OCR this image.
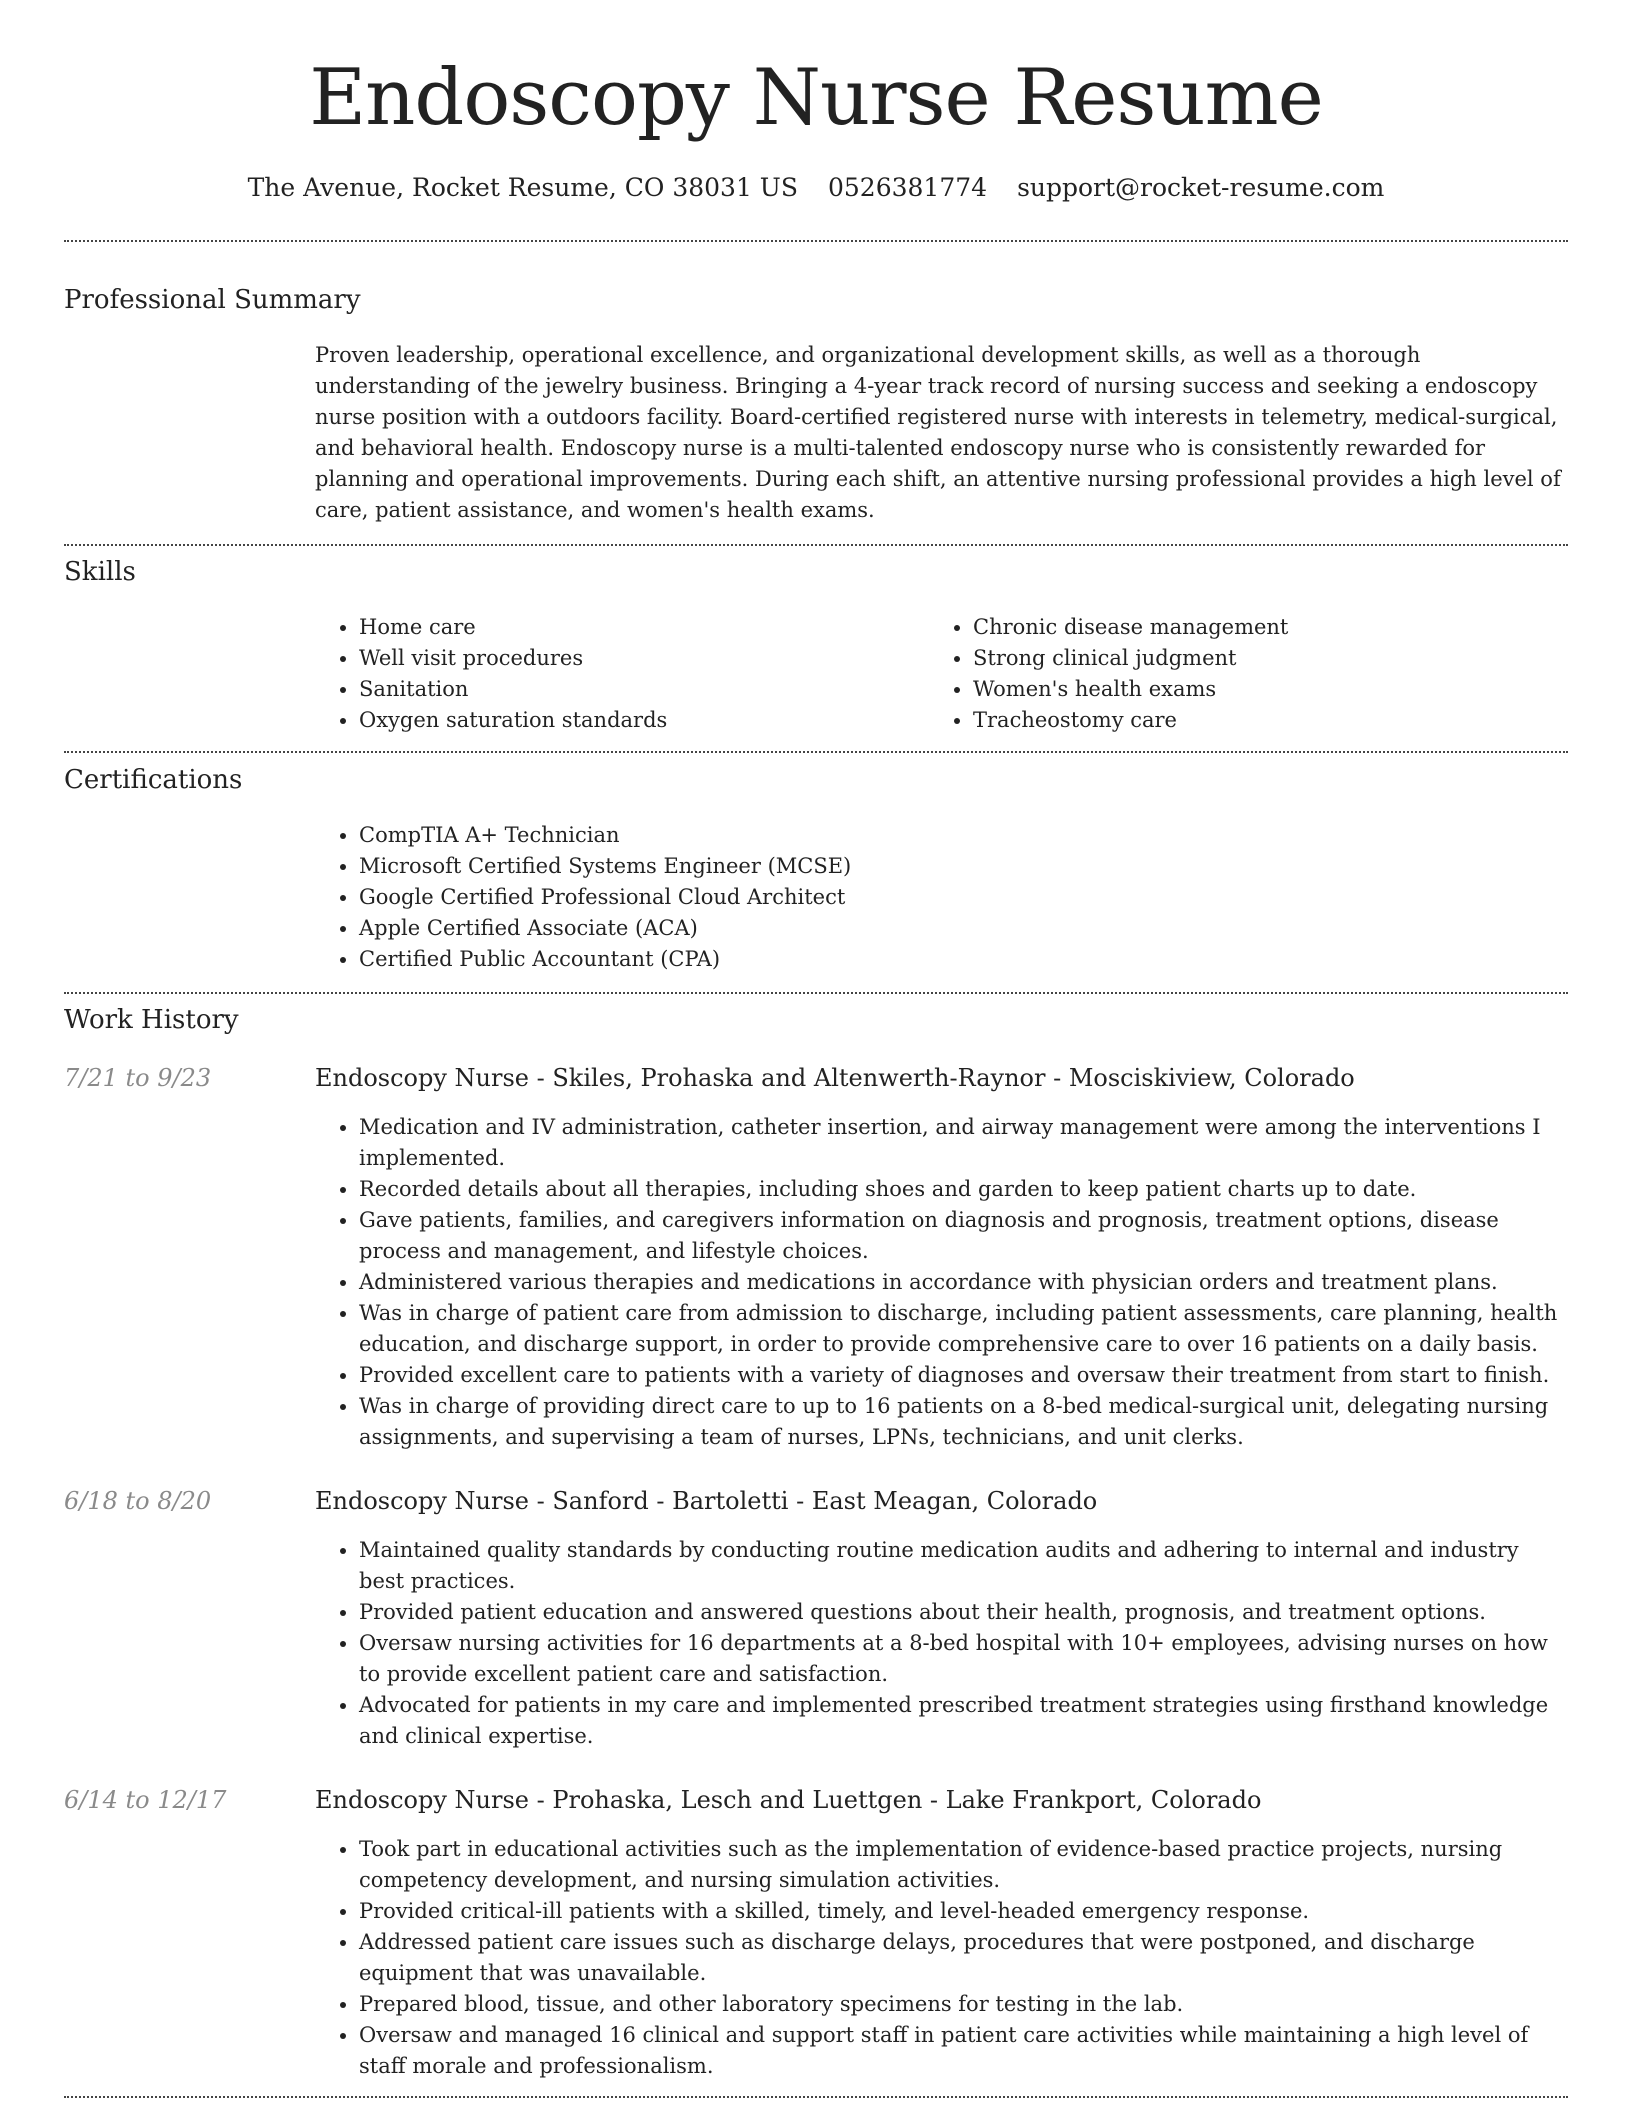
Endoscopy Nurse Resume
The Avenue, Rocket Resume, CO 38031 US 0526381774 support@rocket-resume.com
Professional Summary

Proven leadership, operational excellence, and organizational development skills, as well as a thorough understanding of the jewelry business. Bringing a 4-year track record of nursing success and seeking a endoscopy nurse position with a outdoors facility. Board-certified registered nurse with interests in telemetry, medical-surgical, and behavioral health. Endoscopy nurse is a multi-talented endoscopy nurse who is consistently rewarded for planning and operational improvements. During each shift, an attentive nursing professional provides a high level of care, patient assistance, and women's health exams.

Skills
• Home care
• Well visit procedures
• Sanitation
• Oxygen saturation standards
• Chronic disease management
• Strong clinical judgment
• Women's health exams
• Tracheostomy care
Certifications
• CompTIA A+ Technician
• Microsoft Certified Systems Engineer (MCSE)
• Google Certified Professional Cloud Architect
• Apple Certified Associate (ACA)
• Certified Public Accountant (CPA)
Work History
7/21 to 9/23	Endoscopy Nurse - Skiles, Prohaska and Altenwerth-Raynor - Mosciskiview, Colorado
• Medication and IV administration, catheter insertion, and airway management were among the interventions I implemented.
• Recorded details about all therapies, including shoes and garden to keep patient charts up to date.
• Gave patients, families, and caregivers information on diagnosis and prognosis, treatment options, disease process and management, and lifestyle choices.
• Administered various therapies and medications in accordance with physician orders and treatment plans.
• Was in charge of patient care from admission to discharge, including patient assessments, care planning, health education, and discharge support, in order to provide comprehensive care to over 16 patients on a daily basis.
• Provided excellent care to patients with a variety of diagnoses and oversaw their treatment from start to finish.
• Was in charge of providing direct care to up to 16 patients on a 8-bed medical-surgical unit, delegating nursing assignments, and supervising a team of nurses, LPNs, technicians, and unit clerks.
6/18 to 8/20	Endoscopy Nurse - Sanford - Bartoletti - East Meagan, Colorado
• Maintained quality standards by conducting routine medication audits and adhering to internal and industry best practices.
• Provided patient education and answered questions about their health, prognosis, and treatment options.
• Oversaw nursing activities for 16 departments at a 8-bed hospital with 10+ employees, advising nurses on how to provide excellent patient care and satisfaction.
• Advocated for patients in my care and implemented prescribed treatment strategies using firsthand knowledge and clinical expertise.
6/14 to 12/17	Endoscopy Nurse - Prohaska, Lesch and Luettgen - Lake Frankport, Colorado
• Took part in educational activities such as the implementation of evidence-based practice projects, nursing competency development, and nursing simulation activities.
• Provided critical-ill patients with a skilled, timely, and level-headed emergency response.
• Addressed patient care issues such as discharge delays, procedures that were postponed, and discharge equipment that was unavailable.
• Prepared blood, tissue, and other laboratory specimens for testing in the lab.
• Oversaw and managed 16 clinical and support staff in patient care activities while maintaining a high level of staff morale and professionalism.
